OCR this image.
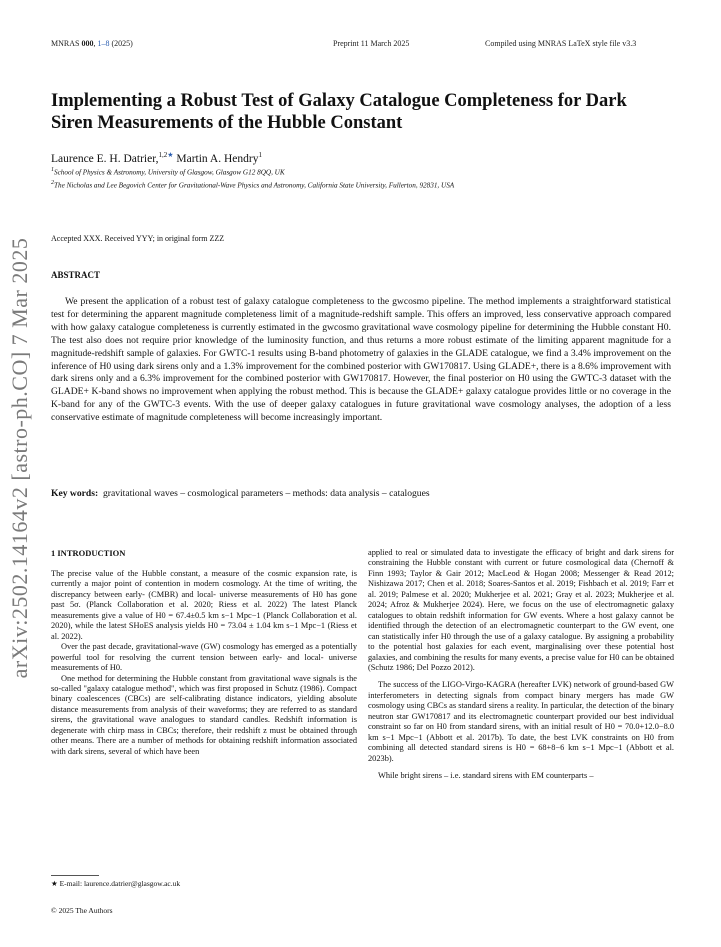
arXiv:2502.14164v2 [astro-ph.CO] 7 Mar 2025
MNRAS 000, 1–8 (2025)	Preprint 11 March 2025	Compiled using MNRAS LaTeX style file v3.3
Implementing a Robust Test of Galaxy Catalogue Completeness for Dark Siren Measurements of the Hubble Constant
Laurence E. H. Datrier,$^{1,2★}$ Martin A. Hendry$^1$
$^1$School of Physics & Astronomy, University of Glasgow, Glasgow G12 8QQ, UK
$^2$The Nicholas and Lee Begovich Center for Gravitational-Wave Physics and Astronomy, California State University, Fullerton, 92831, USA
Accepted XXX. Received YYY; in original form ZZZ
ABSTRACT
We present the application of a robust test of galaxy catalogue completeness to the gwcosmo pipeline. The method implements a straightforward statistical test for determining the apparent magnitude completeness limit of a magnitude-redshift sample. This offers an improved, less conservative approach compared with how galaxy catalogue completeness is currently estimated in the gwcosmo gravitational wave cosmology pipeline for determining the Hubble constant H0. The test also does not require prior knowledge of the luminosity function, and thus returns a more robust estimate of the limiting apparent magnitude for a magnitude-redshift sample of galaxies. For GWTC-1 results using B-band photometry of galaxies in the GLADE catalogue, we find a 3.4% improvement on the inference of H0 using dark sirens only and a 1.3% improvement for the combined posterior with GW170817. Using GLADE+, there is a 8.6% improvement with dark sirens only and a 6.3% improvement for the combined posterior with GW170817. However, the final posterior on H0 using the GWTC-3 dataset with the GLADE+ K-band shows no improvement when applying the robust method. This is because the GLADE+ galaxy catalogue provides little or no coverage in the K-band for any of the GWTC-3 events. With the use of deeper galaxy catalogues in future gravitational wave cosmology analyses, the adoption of a less conservative estimate of magnitude completeness will become increasingly important.
Key words: gravitational waves – cosmological parameters – methods: data analysis – catalogues
1 INTRODUCTION

The precise value of the Hubble constant, a measure of the cosmic expansion rate, is currently a major point of contention in modern cosmology. At the time of writing, the discrepancy between early- (CMBR) and local- universe measurements of H0 has gone past 5σ. (Planck Collaboration et al. 2020; Riess et al. 2022) The latest Planck measurements give a value of H0 = 67.4±0.5 km s−1 Mpc−1 (Planck Collaboration et al. 2020), while the latest SHoES analysis yields H0 = 73.04 ± 1.04 km s−1 Mpc−1 (Riess et al. 2022).

Over the past decade, gravitational-wave (GW) cosmology has emerged as a potentially powerful tool for resolving the current tension between early- and local- universe measurements of H0.

One method for determining the Hubble constant from gravitational wave signals is the so-called "galaxy catalogue method", which was first proposed in Schutz (1986). Compact binary coalescences (CBCs) are self-calibrating distance indicators, yielding absolute distance measurements from analysis of their waveforms; they are referred to as standard sirens, the gravitational wave analogues to standard candles. Redshift information is degenerate with chirp mass in CBCs; therefore, their redshift z must be obtained through other means. There are a number of methods for obtaining redshift information associated with dark sirens, several of which have been

applied to real or simulated data to investigate the efficacy of bright and dark sirens for constraining the Hubble constant with current or future cosmological data (Chernoff & Finn 1993; Taylor & Gair 2012; MacLeod & Hogan 2008; Messenger & Read 2012; Nishizawa 2017; Chen et al. 2018; Soares-Santos et al. 2019; Fishbach et al. 2019; Farr et al. 2019; Palmese et al. 2020; Mukherjee et al. 2021; Gray et al. 2023; Mukherjee et al. 2024; Afroz & Mukherjee 2024). Here, we focus on the use of electromagnetic galaxy catalogues to obtain redshift information for GW events. Where a host galaxy cannot be identified through the detection of an electromagnetic counterpart to the GW event, one can statistically infer H0 through the use of a galaxy catalogue. By assigning a probability to the potential host galaxies for each event, marginalising over these potential host galaxies, and combining the results for many events, a precise value for H0 can be obtained (Schutz 1986; Del Pozzo 2012).

The success of the LIGO-Virgo-KAGRA (hereafter LVK) network of ground-based GW interferometers in detecting signals from compact binary mergers has made GW cosmology using CBCs as standard sirens a reality. In particular, the detection of the binary neutron star GW170817 and its electromagnetic counterpart provided our best individual constraint so far on H0 from standard sirens, with an initial result of H0 = 70.0+12.0−8.0 km s−1 Mpc−1 (Abbott et al. 2017b). To date, the best LVK constraints on H0 from combining all detected standard sirens is H0 = 68+8−6 km s−1 Mpc−1 (Abbott et al. 2023b).

While bright sirens – i.e. standard sirens with EM counterparts –

★ E-mail: laurence.datrier@glasgow.ac.uk
© 2025 The Authors
